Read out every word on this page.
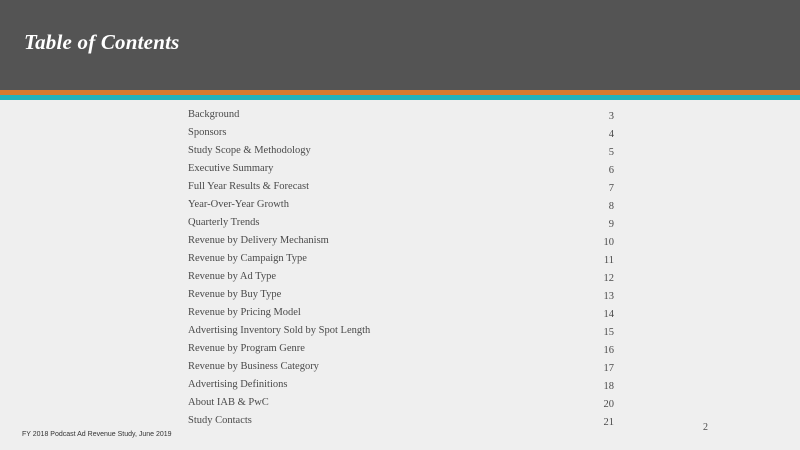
Table of Contents
Background	3
Sponsors	4
Study Scope & Methodology	5
Executive Summary	6
Full Year Results & Forecast	7
Year-Over-Year Growth	8
Quarterly Trends	9
Revenue by Delivery Mechanism	10
Revenue by Campaign Type	11
Revenue by Ad Type	12
Revenue by Buy Type	13
Revenue by Pricing Model	14
Advertising Inventory Sold by Spot Length	15
Revenue by Program Genre	16
Revenue by Business Category	17
Advertising Definitions	18
About IAB & PwC	20
Study Contacts	21	2
FY 2018 Podcast Ad Revenue Study, June 2019
